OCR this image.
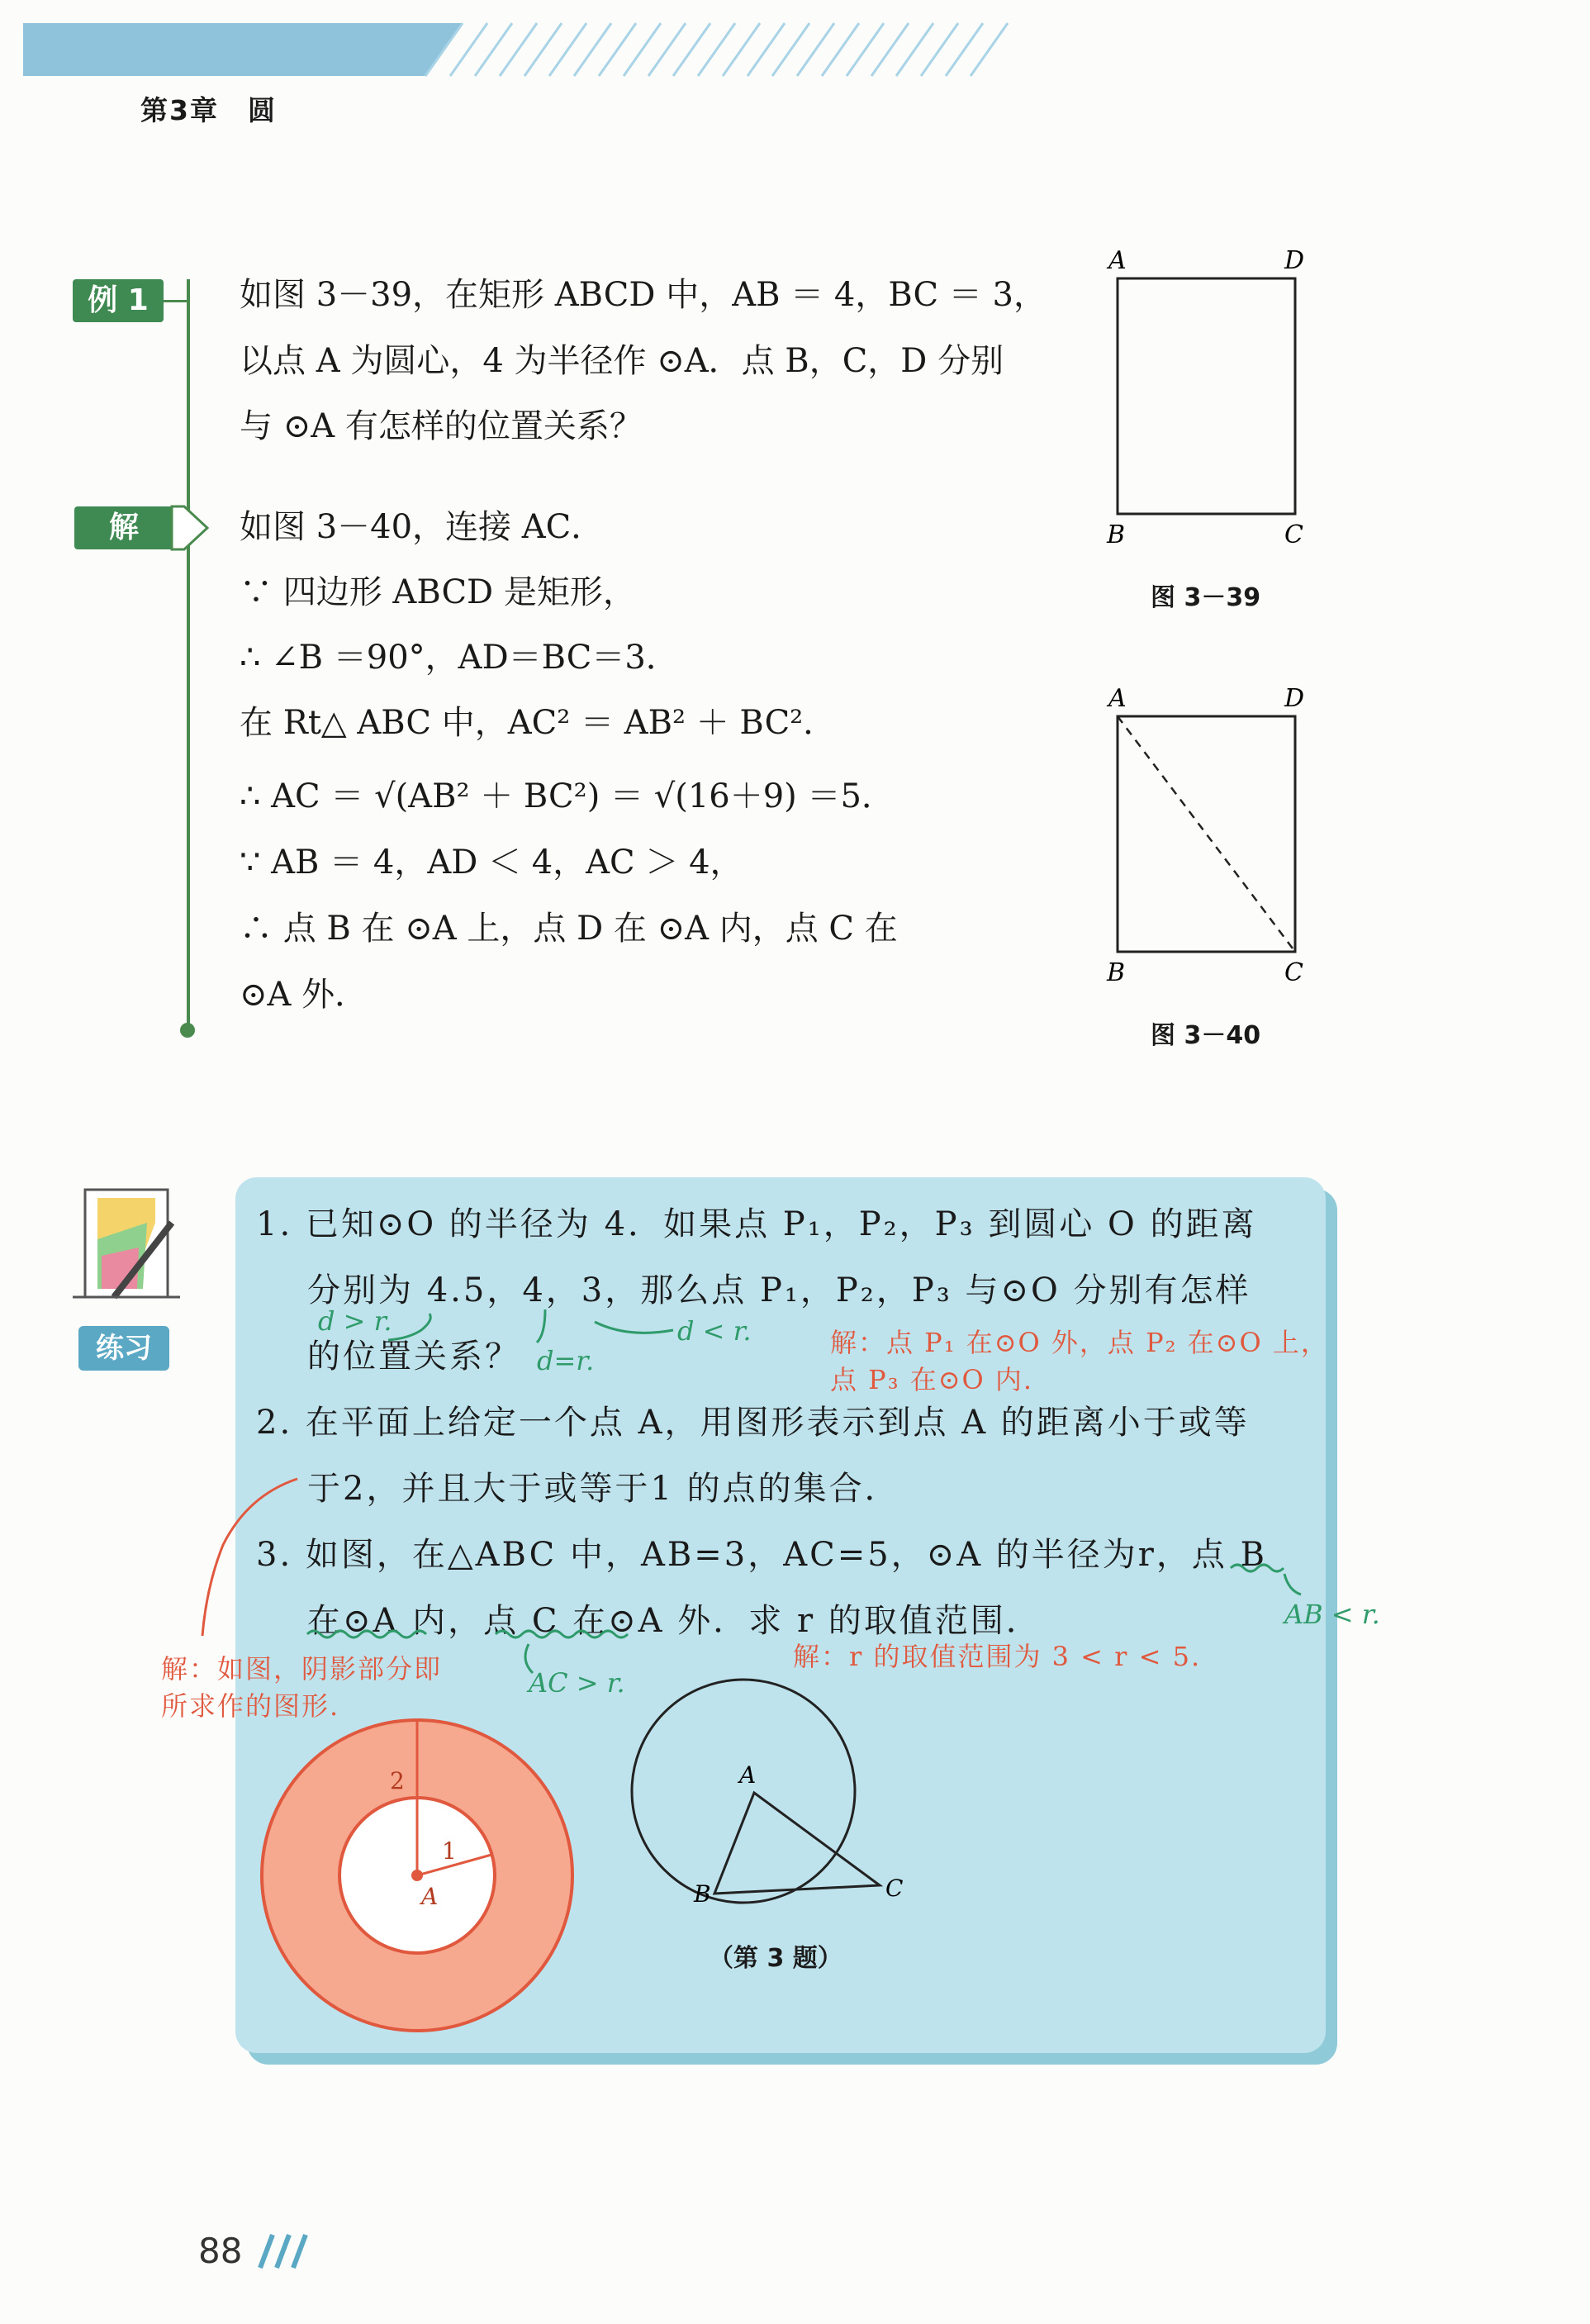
第3章　圆
例 1	如图 3－39，在矩形 ABCD 中，AB ＝ 4，BC ＝ 3，
以点 A 为圆心，4 为半径作 ⊙A．点 B，C，D 分别
与 ⊙A 有怎样的位置关系？
解	如图 3－40，连接 AC．
∵ 四边形 ABCD 是矩形，
∴ ∠B ＝90°，AD＝BC＝3．
在 Rt△ ABC 中，AC² ＝ AB² ＋ BC²．
∴ AC ＝ √(AB² ＋ BC²) ＝ √(16＋9) ＝5．
∵ AB ＝ 4，AD ＜ 4，AC ＞ 4，
∴ 点 B 在 ⊙A 上，点 D 在 ⊙A 内，点 C 在
⊙A 外．
A	D
B	C
图 3－39
A	D
B	C
图 3－40
练习
1. 已知⊙O 的半径为 4．如果点 P₁，P₂，P₃ 到圆心 O 的距离
分别为 4.5，4，3，那么点 P₁，P₂，P₃ 与⊙O 分别有怎样
的位置关系？
2. 在平面上给定一个点 A，用图形表示到点 A 的距离小于或等
于2，并且大于或等于1 的点的集合．
3. 如图，在△ABC 中，AB=3，AC=5，⊙A 的半径为r，点 B
在⊙A 内，点 C 在⊙A 外．求 r 的取值范围．
d > r.
d=r.
d < r.	解：点 P₁ 在⊙O 外，点 P₂ 在⊙O 上，
点 P₃ 在⊙O 内.
AB < r.
AC > r.
解：r 的取值范围为 3 < r < 5.
解：如图，阴影部分即
所求作的图形.
2
1
A
A
B	C
（第 3 题）
88
